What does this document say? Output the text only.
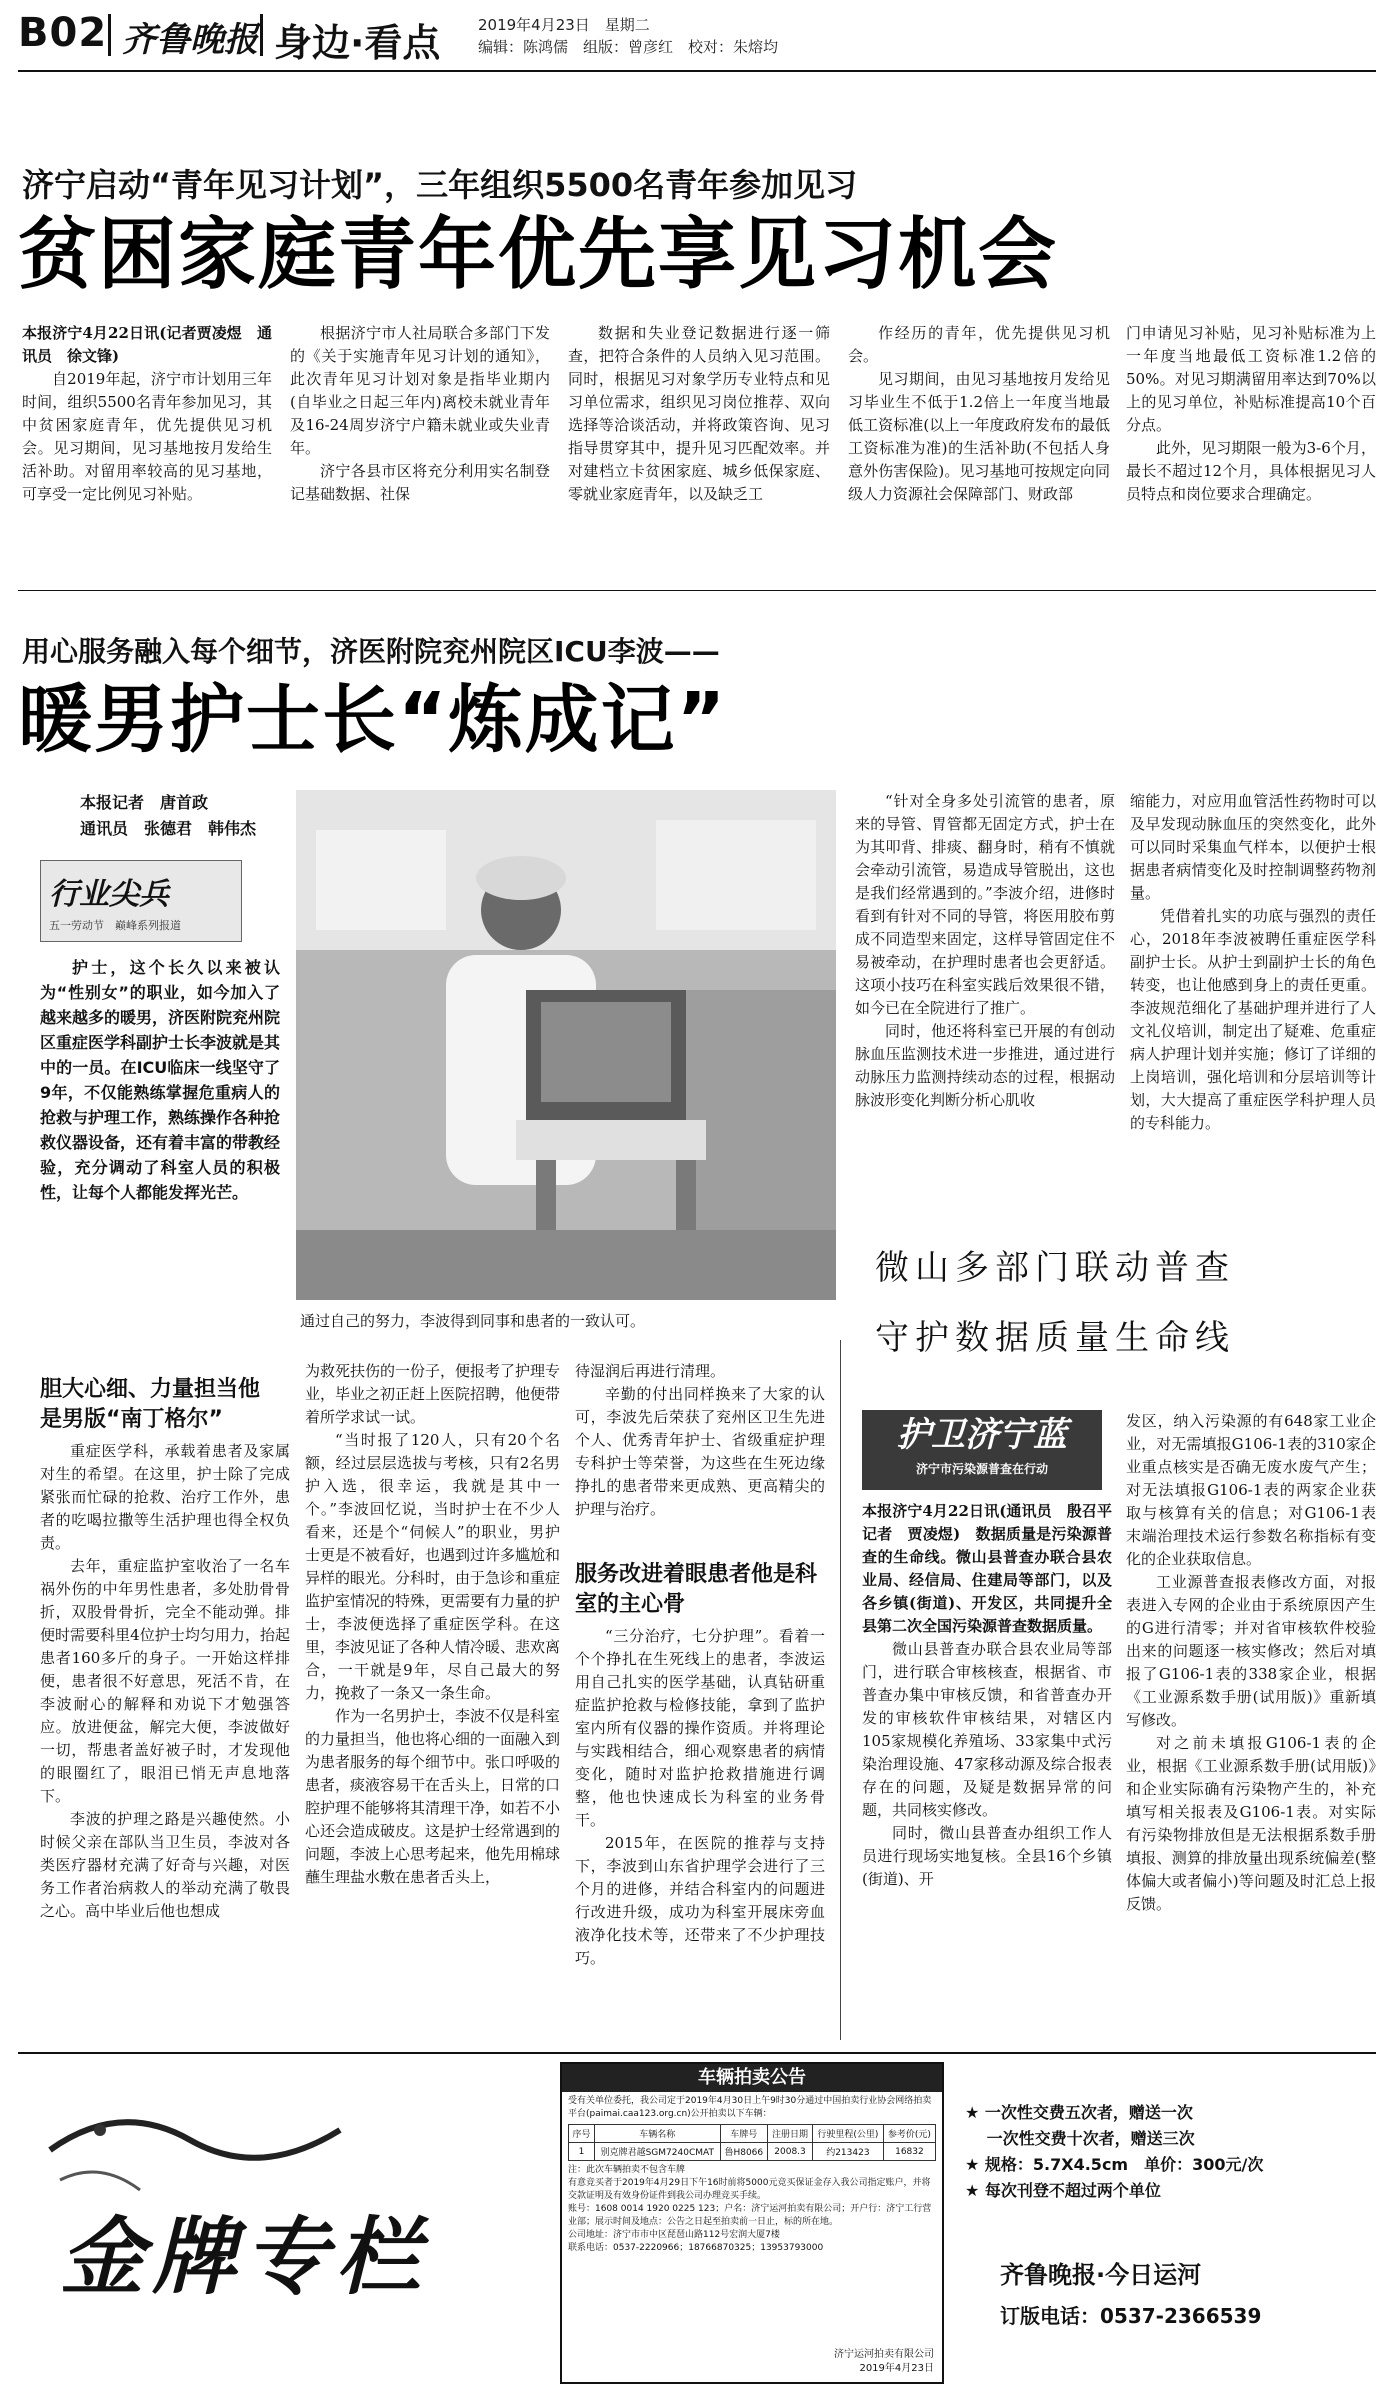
B02 齐鲁晚报 身边·看点	2019年4月23日　星期二
编辑：陈鸿儒　组版：曾彦红　校对：朱熔均
济宁启动“青年见习计划”，三年组织5500名青年参加见习
贫困家庭青年优先享见习机会

本报济宁4月22日讯(记者贾凌煜　通讯员　徐文锋)

自2019年起，济宁市计划用三年时间，组织5500名青年参加见习，其中贫困家庭青年，优先提供见习机会。见习期间，见习基地按月发给生活补助。对留用率较高的见习基地，可享受一定比例见习补贴。

根据济宁市人社局联合多部门下发的《关于实施青年见习计划的通知》，此次青年见习计划对象是指毕业期内(自毕业之日起三年内)离校未就业青年及16-24周岁济宁户籍未就业或失业青年。

济宁各县市区将充分利用实名制登记基础数据、社保

数据和失业登记数据进行逐一筛查，把符合条件的人员纳入见习范围。同时，根据见习对象学历专业特点和见习单位需求，组织见习岗位推荐、双向选择等洽谈活动，并将政策咨询、见习指导贯穿其中，提升见习匹配效率。并对建档立卡贫困家庭、城乡低保家庭、零就业家庭青年，以及缺乏工

作经历的青年，优先提供见习机会。

见习期间，由见习基地按月发给见习毕业生不低于1.2倍上一年度当地最低工资标准(以上一年度政府发布的最低工资标准为准)的生活补助(不包括人身意外伤害保险)。见习基地可按规定向同级人力资源社会保障部门、财政部

门申请见习补贴，见习补贴标准为上一年度当地最低工资标准1.2倍的50%。对见习期满留用率达到70%以上的见习单位，补贴标准提高10个百分点。

此外，见习期限一般为3-6个月，最长不超过12个月，具体根据见习人员特点和岗位要求合理确定。

用心服务融入每个细节，济医附院兖州院区ICU李波——
暖男护士长“炼成记”
本报记者　唐首政
通讯员　张德君　韩伟杰
行业尖兵
五一劳动节　巅峰系列报道

护士，这个长久以来被认为“性别女”的职业，如今加入了越来越多的暖男，济医附院兖州院区重症医学科副护士长李波就是其中的一员。在ICU临床一线坚守了9年，不仅能熟练掌握危重病人的抢救与护理工作，熟练操作各种抢救仪器设备，还有着丰富的带教经验，充分调动了科室人员的积极性，让每个人都能发挥光芒。

通过自己的努力，李波得到同事和患者的一致认可。

“针对全身多处引流管的患者，原来的导管、胃管都无固定方式，护士在为其叩背、排痰、翻身时，稍有不慎就会牵动引流管，易造成导管脱出，这也是我们经常遇到的。”李波介绍，进修时看到有针对不同的导管，将医用胶布剪成不同造型来固定，这样导管固定住不易被牵动，在护理时患者也会更舒适。这项小技巧在科室实践后效果很不错，如今已在全院进行了推广。

同时，他还将科室已开展的有创动脉血压监测技术进一步推进，通过进行动脉压力监测持续动态的过程，根据动脉波形变化判断分析心肌收

缩能力，对应用血管活性药物时可以及早发现动脉血压的突然变化，此外可以同时采集血气样本，以便护士根据患者病情变化及时控制调整药物剂量。

凭借着扎实的功底与强烈的责任心，2018年李波被聘任重症医学科副护士长。从护士到副护士长的角色转变，也让他感到身上的责任更重。李波规范细化了基础护理并进行了人文礼仪培训，制定出了疑难、危重症病人护理计划并实施；修订了详细的上岗培训，强化培训和分层培训等计划，大大提高了重症医学科护理人员的专科能力。

胆大心细、力量担当他是男版“南丁格尔”

重症医学科，承载着患者及家属对生的希望。在这里，护士除了完成紧张而忙碌的抢救、治疗工作外，患者的吃喝拉撒等生活护理也得全权负责。

去年，重症监护室收治了一名车祸外伤的中年男性患者，多处肋骨骨折，双股骨骨折，完全不能动弹。排便时需要科里4位护士均匀用力，抬起患者160多斤的身子。一开始这样排便，患者很不好意思，死活不肯，在李波耐心的解释和劝说下才勉强答应。放进便盆，解完大便，李波做好一切，帮患者盖好被子时，才发现他的眼圈红了，眼泪已悄无声息地落下。

李波的护理之路是兴趣使然。小时候父亲在部队当卫生员，李波对各类医疗器材充满了好奇与兴趣，对医务工作者治病救人的举动充满了敬畏之心。高中毕业后他也想成

为救死扶伤的一份子，便报考了护理专业，毕业之初正赶上医院招聘，他便带着所学求试一试。

“当时报了120人，只有20个名额，经过层层选拔与考核，只有2名男护入选，很幸运，我就是其中一个。”李波回忆说，当时护士在不少人看来，还是个“伺候人”的职业，男护士更是不被看好，也遇到过许多尴尬和异样的眼光。分科时，由于急诊和重症监护室情况的特殊，更需要有力量的护士，李波便选择了重症医学科。在这里，李波见证了各种人情冷暖、悲欢离合，一干就是9年，尽自己最大的努力，挽救了一条又一条生命。

作为一名男护士，李波不仅是科室的力量担当，他也将心细的一面融入到为患者服务的每个细节中。张口呼吸的患者，痰液容易干在舌头上，日常的口腔护理不能够将其清理干净，如若不小心还会造成破皮。这是护士经常遇到的问题，李波上心思考起来，他先用棉球蘸生理盐水敷在患者舌头上，

待湿润后再进行清理。

辛勤的付出同样换来了大家的认可，李波先后荣获了兖州区卫生先进个人、优秀青年护士、省级重症护理专科护士等荣誉，为这些在生死边缘挣扎的患者带来更成熟、更高精尖的护理与治疗。

服务改进着眼患者他是科室的主心骨

“三分治疗，七分护理”。看着一个个挣扎在生死线上的患者，李波运用自己扎实的医学基础，认真钻研重症监护抢救与检修技能，拿到了监护室内所有仪器的操作资质。并将理论与实践相结合，细心观察患者的病情变化，随时对监护抢救措施进行调整，他也快速成长为科室的业务骨干。

2015年，在医院的推荐与支持下，李波到山东省护理学会进行了三个月的进修，并结合科室内的问题进行改进升级，成功为科室开展床旁血液净化技术等，还带来了不少护理技巧。

微山多部门联动普查
守护数据质量生命线
护卫济宁蓝
济宁市污染源普查在行动

本报济宁4月22日讯(通讯员　殷召平　记者　贾凌煜)　数据质量是污染源普查的生命线。微山县普查办联合县农业局、经信局、住建局等部门，以及各乡镇(街道)、开发区，共同提升全县第二次全国污染源普查数据质量。

微山县普查办联合县农业局等部门，进行联合审核核查，根据省、市普查办集中审核反馈，和省普查办开发的审核软件审核结果，对辖区内105家规模化养殖场、33家集中式污染治理设施、47家移动源及综合报表存在的问题，及疑是数据异常的问题，共同核实修改。

同时，微山县普查办组织工作人员进行现场实地复核。全县16个乡镇(街道)、开

发区，纳入污染源的有648家工业企业，对无需填报G106-1表的310家企业重点核实是否确无废水废气产生；对无法填报G106-1表的两家企业获取与核算有关的信息；对G106-1表末端治理技术运行参数名称指标有变化的企业获取信息。

工业源普查报表修改方面，对报表进入专网的企业由于系统原因产生的G进行清零；并对省审核软件校验出来的问题逐一核实修改；然后对填报了G106-1表的338家企业，根据《工业源系数手册(试用版)》重新填写修改。

对之前未填报G106-1表的企业，根据《工业源系数手册(试用版)》和企业实际确有污染物产生的，补充填写相关报表及G106-1表。对实际有污染物排放但是无法根据系数手册填报、测算的排放量出现系统偏差(整体偏大或者偏小)等问题及时汇总上报反馈。

金牌专栏
车辆拍卖公告
受有关单位委托，我公司定于2019年4月30日上午9时30分通过中国拍卖行业协会网络拍卖平台(paimai.caa123.org.cn)公开拍卖以下车辆：
序号	车辆名称	车牌号	注册日期	行驶里程(公里)	参考价(元)
1	别克牌君越SGM7240CMAT	鲁H8066	2008.3	约213423	16832
注：此次车辆拍卖不包含车牌
有意竞买者于2019年4月29日下午16时前将5000元竞买保证金存入我公司指定账户，并将交款证明及有效身份证件到我公司办理竞买手续。
账号：1608 0014 1920 0225 123；户名：济宁运河拍卖有限公司；开户行：济宁工行营业部；展示时间及地点：公告之日起至拍卖前一日止，标的所在地。
公司地址：济宁市市中区琵琶山路112号宏润大厦7楼
联系电话：0537-2220966；18766870325；13953793000
济宁运河拍卖有限公司
2019年4月23日
★ 一次性交费五次者，赠送一次
　 一次性交费十次者，赠送三次
★ 规格：5.7X4.5cm　单价：300元/次
★ 每次刊登不超过两个单位
齐鲁晚报·今日运河
订版电话：0537-2366539
